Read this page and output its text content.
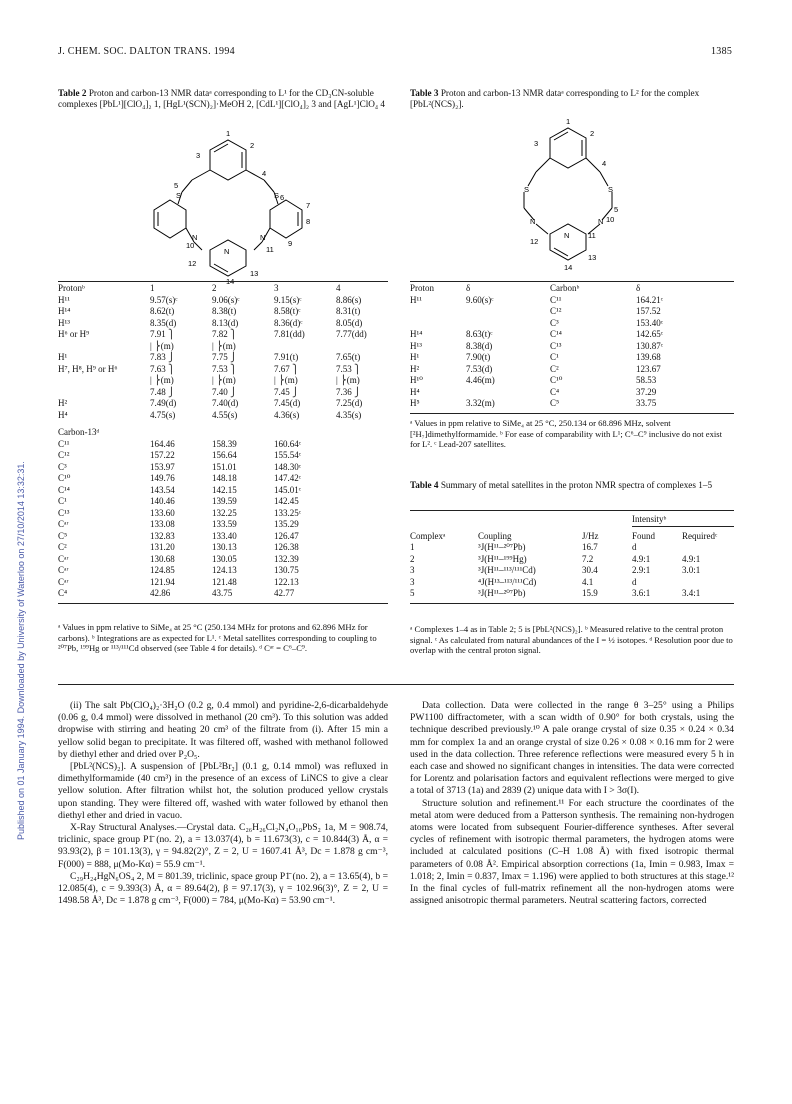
J. CHEM. SOC. DALTON TRANS. 1994	1385
Published on 01 January 1994. Downloaded by University of Waterloo on 27/10/2014 13:32:31.
Table 2 Proton and carbon-13 NMR dataᵃ corresponding to L¹ for the CD₃CN-soluble complexes [PbL¹][ClO₄]₂ 1, [HgL¹(SCN)₂]·MeOH 2, [CdL¹][ClO₄]₂ 3 and [AgL¹]ClO₄ 4
1
2
3
4
5
S	S 6
7
8
9
N	N
10	11
12
13
N
14
Protonᵇ	1	2	3	4
H¹¹	9.57(s)ᶜ	9.06(s)ᶜ	9.15(s)ᶜ	8.86(s)
H¹⁴	8.62(t)	8.38(t)	8.58(t)ᶜ	8.31(t)
H¹³	8.35(d)	8.13(d)	8.36(d)ᶜ	8.05(d)
H⁶ or H⁹	7.91 ⎫	7.82 ⎫	7.81(dd)	7.77(dd)
	| ⎬(m)	| ⎬(m)		
H¹	7.83 ⎭	7.75 ⎭	7.91(t)	7.65(t)
H⁷, H⁸, H⁹ or H⁶	7.63 ⎫	7.53 ⎫	7.67 ⎫	7.53 ⎫
	| ⎬(m)	| ⎬(m)	| ⎬(m)	| ⎬(m)
	7.48 ⎭	7.40 ⎭	7.45 ⎭	7.36 ⎭
H²	7.49(d)	7.40(d)	7.45(d)	7.25(d)
H⁴	4.75(s)	4.55(s)	4.36(s)	4.35(s)
Carbon-13ᵈ
C¹¹	164.46	158.39	160.64ᶜ	
C¹²	157.22	156.64	155.54ᶜ	
C³	153.97	151.01	148.30ᶜ	
C¹⁰	149.76	148.18	147.42ᶜ	
C¹⁴	143.54	142.15	145.01ᶜ	
C¹	140.46	139.59	142.45	
C¹³	133.60	132.25	133.25ᶜ	
Cᵃʳ	133.08	133.59	135.29	
C⁵	132.83	133.40	126.47	
C²	131.20	130.13	126.38	
Cᵃʳ	130.68	130.05	132.39	
Cᵃʳ	124.85	124.13	130.75	
Cᵃʳ	121.94	121.48	122.13	
C⁴	42.86	43.75	42.77	
ᵃ Values in ppm relative to SiMe₄ at 25 °C (250.134 MHz for protons and 62.896 MHz for carbons). ᵇ Integrations are as expected for L¹. ᶜ Metal satellites corresponding to coupling to ²⁰⁷Pb, ¹⁹⁹Hg or ¹¹³/¹¹¹Cd observed (see Table 4 for details). ᵈ Cᵃʳ = C⁶–C⁹.
Table 3 Proton and carbon-13 NMR dataᵃ corresponding to L² for the complex [PbL²(NCS)₂].
1
2
3
4
S	S
5
N	N 10
11
12
13
N
14
Proton	δ	Carbonᵇ	δ
H¹¹	9.60(s)ᶜ	C¹¹	164.21ᶜ
		C¹²	157.52
		C³	153.40ᶜ
H¹⁴	8.63(t)ᶜ	C¹⁴	142.65ᶜ
H¹³	8.38(d)	C¹³	130.87ᶜ
H¹	7.90(t)	C¹	139.68
H²	7.53(d)	C²	123.67
H¹⁰	4.46(m)	C¹⁰	58.53
H⁴		C⁴	37.29
H⁵	3.32(m)	C⁵	33.75
ᵃ Values in ppm relative to SiMe₄ at 25 °C, 250.134 or 68.896 MHz, solvent [²H₇]dimethylformamide. ᵇ For ease of comparability with L¹; C⁶–C⁹ inclusive do not exist for L². ᶜ Lead-207 satellites.
Table 4 Summary of metal satellites in the proton NMR spectra of complexes 1–5
Intensityᵇ
Complexᵃ	Coupling	J/Hz	Found	Requiredᶜ
1	³J(H¹¹–²⁰⁷Pb)	16.7	d	
2	³J(H¹¹–¹⁹⁹Hg)	7.2	4.9:1	4.9:1
3	³J(H¹¹–¹¹³/¹¹¹Cd)	30.4	2.9:1	3.0:1
3	⁴J(H¹³–¹¹³/¹¹¹Cd)	4.1	d	
5	³J(H¹¹–²⁰⁷Pb)	15.9	3.6:1	3.4:1
ᵃ Complexes 1–4 as in Table 2; 5 is [PbL²(NCS)₂]. ᵇ Measured relative to the central proton signal. ᶜ As calculated from natural abundances of the I = ½ isotopes. ᵈ Resolution poor due to overlap with the central proton signal.

(ii) The salt Pb(ClO₄)₂·3H₂O (0.2 g, 0.4 mmol) and pyridine-2,6-dicarbaldehyde (0.06 g, 0.4 mmol) were dissolved in methanol (20 cm³). To this solution was added dropwise with stirring and heating 20 cm³ of the filtrate from (i). After 15 min a yellow solid began to precipitate. It was filtered off, washed with methanol followed by diethyl ether and dried over P₂O₅.

[PbL²(NCS)₂]. A suspension of [PbL²Br₂] (0.1 g, 0.14 mmol) was refluxed in dimethylformamide (40 cm³) in the presence of an excess of LiNCS to give a clear yellow solution. After filtration whilst hot, the solution produced yellow crystals upon standing. They were filtered off, washed with water followed by ethanol then diethyl ether and dried in vacuo.

X-Ray Structural Analyses.—Crystal data. C₂₆H₂₆Cl₂N₄O₁₀PbS₂ 1a, M = 908.74, triclinic, space group P1̄ (no. 2), a = 13.037(4), b = 11.673(3), c = 10.844(3) Å, α = 93.93(2), β = 101.13(3), γ = 94.82(2)°, Z = 2, U = 1607.41 Å³, Dc = 1.878 g cm⁻³, F(000) = 888, μ(Mo-Kα) = 55.9 cm⁻¹.

C₂₉H₂₄HgN₆OS₄ 2, M = 801.39, triclinic, space group P1̄ (no. 2), a = 13.65(4), b = 12.085(4), c = 9.393(3) Å, α = 89.64(2), β = 97.17(3), γ = 102.96(3)°, Z = 2, U = 1498.58 Å³, Dc = 1.878 g cm⁻³, F(000) = 784, μ(Mo-Kα) = 53.90 cm⁻¹.

Data collection. Data were collected in the range θ 3–25° using a Philips PW1100 diffractometer, with a scan width of 0.90° for both crystals, using the technique described previously.¹⁰ A pale orange crystal of size 0.35 × 0.24 × 0.34 mm for complex 1a and an orange crystal of size 0.26 × 0.08 × 0.16 mm for 2 were used in the data collection. Three reference reflections were measured every 5 h in each case and showed no significant changes in intensities. The data were corrected for Lorentz and polarisation factors and equivalent reflections were merged to give a total of 3713 (1a) and 2839 (2) unique data with I > 3σ(I).

Structure solution and refinement.¹¹ For each structure the coordinates of the metal atom were deduced from a Patterson synthesis. The remaining non-hydrogen atoms were located from subsequent Fourier-difference syntheses. After several cycles of refinement with isotropic thermal parameters, the hydrogen atoms were included at calculated positions (C–H 1.08 Å) with fixed isotropic thermal parameters of 0.08 Å². Empirical absorption corrections (1a, Imin = 0.983, Imax = 1.018; 2, Imin = 0.837, Imax = 1.196) were applied to both structures at this stage.¹² In the final cycles of full-matrix refinement all the non-hydrogen atoms were assigned anisotropic thermal parameters. Neutral scattering factors, corrected
